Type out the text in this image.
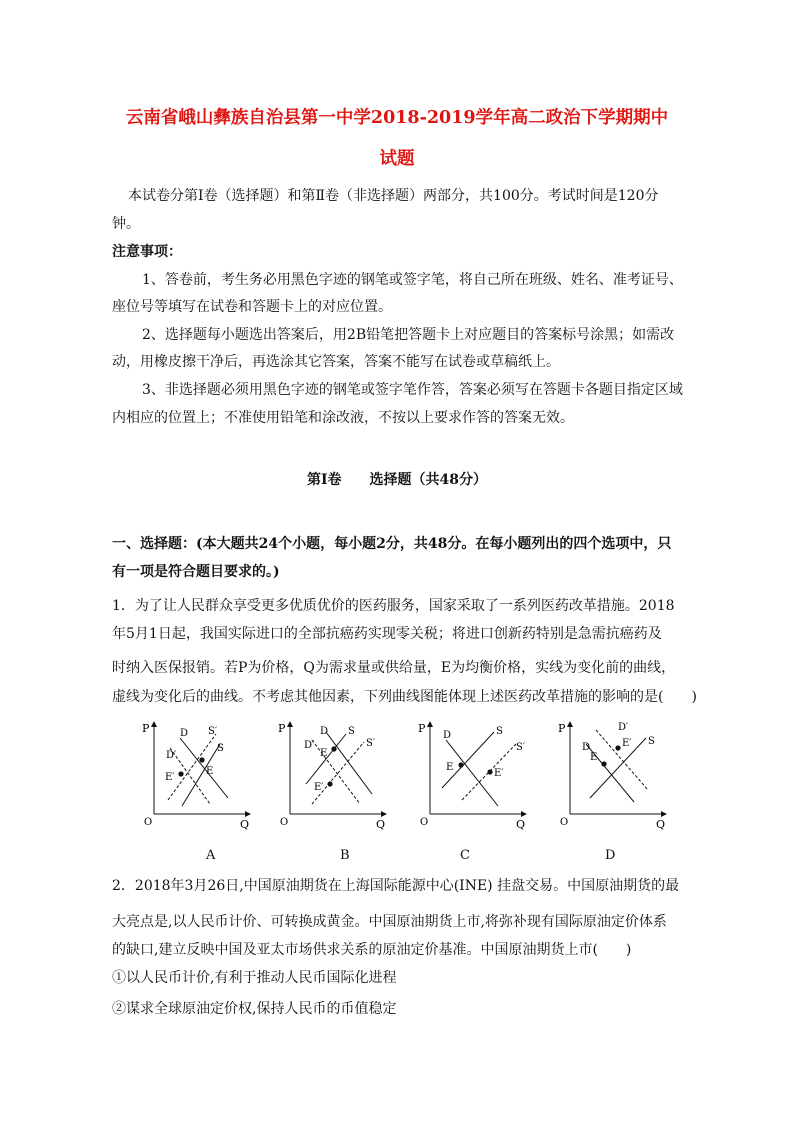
云南省峨山彝族自治县第一中学2018-2019学年高二政治下学期期中
试题
本试卷分第Ⅰ卷（选择题）和第Ⅱ卷（非选择题）两部分，共100分。考试时间是120分
钟。
注意事项：
1、答卷前，考生务必用黑色字迹的钢笔或签字笔，将自己所在班级、姓名、准考证号、
座位号等填写在试卷和答题卡上的对应位置。
2、选择题每小题选出答案后，用2B铅笔把答题卡上对应题目的答案标号涂黑；如需改
动，用橡皮擦干净后，再选涂其它答案，答案不能写在试卷或草稿纸上。
3、非选择题必须用黑色字迹的钢笔或签字笔作答，答案必须写在答题卡各题目指定区域
内相应的位置上；不准使用铅笔和涂改液，不按以上要求作答的答案无效。
第Ⅰ卷　　选择题（共48分）
一、选择题：(本大题共24个小题，每小题2分，共48分。在每小题列出的四个选项中，只
有一项是符合题目要求的。)
1．为了让人民群众享受更多优质优价的医药服务，国家采取了一系列医药改革措施。2018
年5月1日起，我国实际进口的全部抗癌药实现零关税；将进口创新药特别是急需抗癌药及
时纳入医保报销。若P为价格，Q为需求量或供给量，E为均衡价格，实线为变化前的曲线，
虚线为变化后的曲线。不考虑其他因素，下列曲线图能体现上述医药改革措施的影响的是(　　)
P
O	Q
D′
D S′
S
E′
E
A
P
O	Q
D′
D
S′
S
E′
E
B
P
O	Q
D	S
S′
E
E′
C
P
O	Q
D
D′
S
E′
E
D
2．2018年3月26日,中国原油期货在上海国际能源中心(INE) 挂盘交易。中国原油期货的最
大亮点是,以人民币计价、可转换成黄金。中国原油期货上市,将弥补现有国际原油定价体系
的缺口,建立反映中国及亚太市场供求关系的原油定价基准。中国原油期货上市(　　)
①以人民币计价,有利于推动人民币国际化进程
②谋求全球原油定价权,保持人民币的币值稳定
